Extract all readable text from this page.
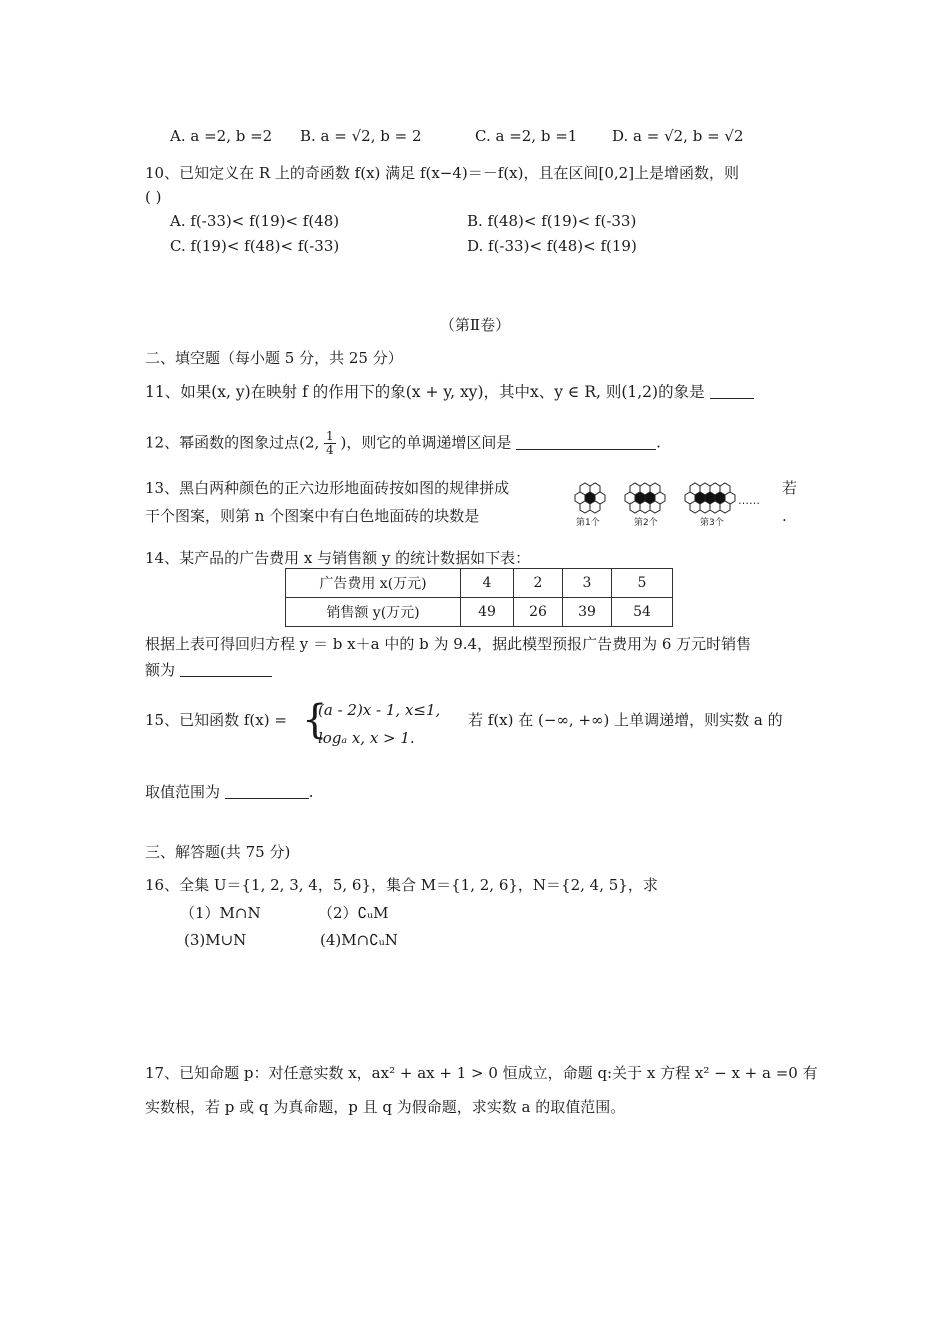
A. a =2, b =2 B. a = √2, b = 2	C. a =2, b =1 D. a = √2, b = √2
10、已知定义在 R 上的奇函数 f(x) 满足 f(x−4)＝－f(x)，且在区间[0,2]上是增函数，则
( )
A. f(-33)< f(19)< f(48)	B. f(48)< f(19)< f(-33)
C. f(19)< f(48)< f(-33)	D. f(-33)< f(48)< f(19)
（第Ⅱ卷）
二、填空题（每小题 5 分，共 25 分）
11、如果(x, y)在映射 f 的作用下的象(x + y, xy)，其中x、y ∈ R, 则(1,2)的象是
12、幂函数的图象过点(2, $\frac{1}{4}$ )，则它的单调递增区间是	.
13、黑白两种颜色的正六边形地面砖按如图的规律拼成	若
干个图案，则第 n 个图案中有白色地面砖的块数是	.
第1个	第2个	第3个
……
14、某产品的广告费用 x 与销售额 y 的统计数据如下表：
广告费用 x(万元)	4	2	3	5
销售额 y(万元)	49	26	39	54
根据上表可得回归方程 y ＝ b x＋a 中的 b 为 9.4，据此模型预报广告费用为 6 万元时销售
额为
15、已知函数 f(x) = {
(a - 2)x - 1, x≤1,
logₐ x, x > 1.
若 f(x) 在 (−∞, +∞) 上单调递增，则实数 a 的
取值范围为	.
三、解答题(共 75 分)
16、全集 U＝{1, 2, 3, 4，5, 6}，集合 M＝{1, 2, 6}，N＝{2, 4, 5}，求
（1）M∩N	（2）∁ᵤM
(3)M∪N	(4)M∩∁ᵤN
17、已知命题 p：对任意实数 x，ax² + ax + 1 > 0 恒成立，命题 q:关于 x 方程 x² − x + a =0 有
实数根，若 p 或 q 为真命题，p 且 q 为假命题，求实数 a 的取值范围。
